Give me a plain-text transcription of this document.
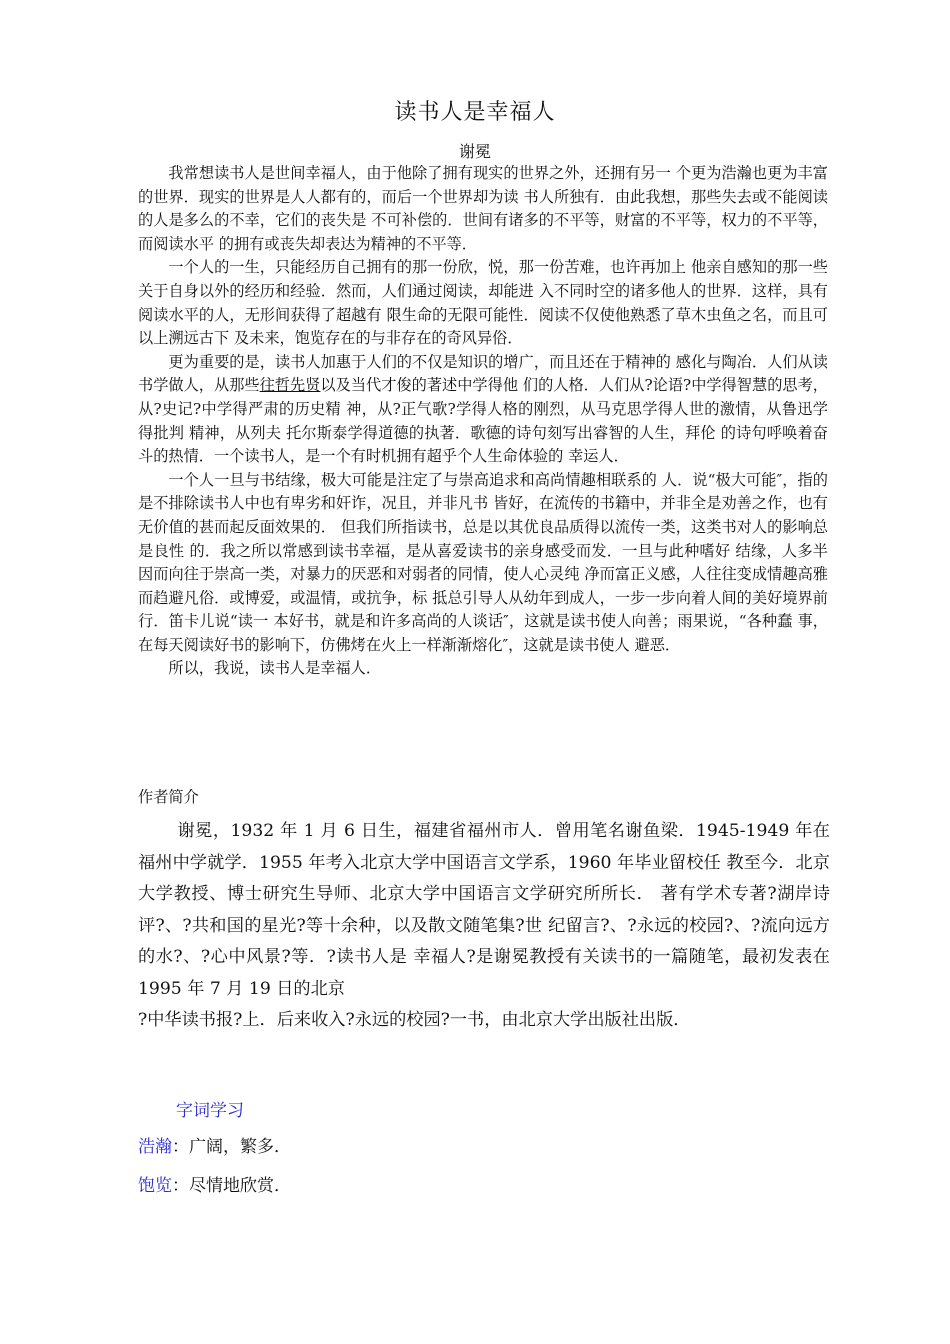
读书人是幸福人
谢冕

我常想读书人是世间幸福人，由于他除了拥有现实的世界之外，还拥有另一 个更为浩瀚也更为丰富的世界．现实的世界是人人都有的，而后一个世界却为读 书人所独有．由此我想，那些失去或不能阅读的人是多么的不幸，它们的丧失是 不可补偿的．世间有诸多的不平等，财富的不平等，权力的不平等，而阅读水平 的拥有或丧失却表达为精神的不平等．

一个人的一生，只能经历自己拥有的那一份欣，悦，那一份苦难，也许再加上 他亲自感知的那一些关于自身以外的经历和经验．然而，人们通过阅读，却能进 入不同时空的诸多他人的世界．这样，具有阅读水平的人，无形间获得了超越有 限生命的无限可能性．阅读不仅使他熟悉了草木虫鱼之名，而且可以上溯远古下 及未来，饱览存在的与非存在的奇风异俗．

更为重要的是，读书人加惠于人们的不仅是知识的增广，而且还在于精神的 感化与陶冶．人们从读书学做人，从那些往哲先贤以及当代才俊的著述中学得他 们的人格．人们从?论语?中学得智慧的思考，从?史记?中学得严肃的历史精 神，从?正气歌?学得人格的刚烈，从马克思学得人世的激情，从鲁迅学得批判 精神，从列夫 托尔斯泰学得道德的执著．歌德的诗句刻写出睿智的人生，拜伦 的诗句呼唤着奋斗的热情．一个读书人，是一个有时机拥有超乎个人生命体验的 幸运人．

一个人一旦与书结缘，极大可能是注定了与崇高追求和高尚情趣相联系的 人．说“极大可能″，指的是不排除读书人中也有卑劣和奸诈，况且，并非凡书 皆好，在流传的书籍中，并非全是劝善之作，也有无价值的甚而起反面效果的． 但我们所指读书，总是以其优良品质得以流传一类，这类书对人的影响总是良性 的．我之所以常感到读书幸福，是从喜爱读书的亲身感受而发．一旦与此种嗜好 结缘，人多半因而向往于崇高一类，对暴力的厌恶和对弱者的同情，使人心灵纯 净而富正义感，人往往变成情趣高雅而趋避凡俗．或博爱，或温情，或抗争，标 抵总引导人从幼年到成人，一步一步向着人间的美好境界前行．笛卡儿说“读一 本好书，就是和许多高尚的人谈话″，这就是读书使人向善；雨果说，“各种蠢 事，在每天阅读好书的影响下，仿佛烤在火上一样渐渐熔化″，这就是读书使人 避恶．

所以，我说，读书人是幸福人．

作者简介

谢冕，1932 年 1 月 6 日生，福建省福州市人．曾用笔名谢鱼梁．1945-1949 年在福州中学就学．1955 年考入北京大学中国语言文学系，1960 年毕业留校任 教至今．北京大学教授、博士研究生导师、北京大学中国语言文学研究所所长． 著有学术专著?湖岸诗评?、?共和国的星光?等十余种，以及散文随笔集?世 纪留言?、?永远的校园?、?流向远方的水?、?心中风景?等．?读书人是 幸福人?是谢冕教授有关读书的一篇随笔，最初发表在 1995 年 7 月 19 日的北京

?中华读书报?上．后来收入?永远的校园?一书，由北京大学出版社出版．

字词学习
浩瀚：广阔，繁多．
饱览：尽情地欣赏．
